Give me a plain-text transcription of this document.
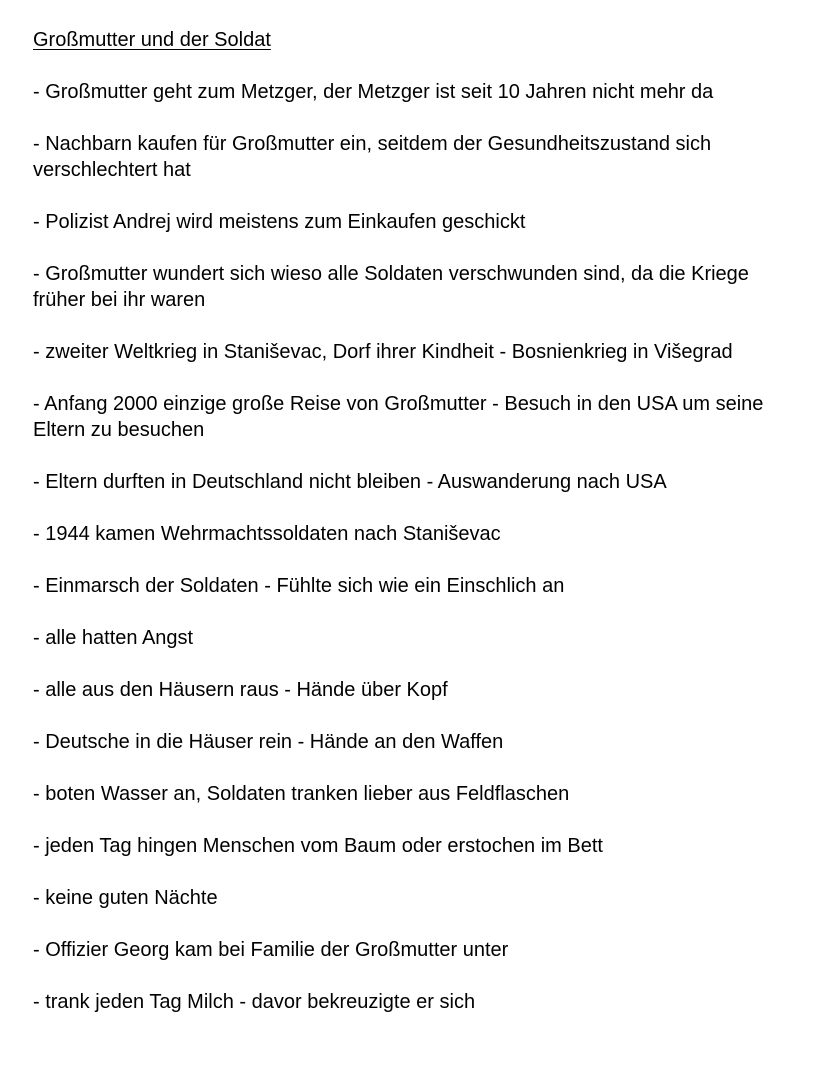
Großmutter und der Soldat
- Großmutter geht zum Metzger, der Metzger ist seit 10 Jahren nicht mehr da
- Nachbarn kaufen für Großmutter ein, seitdem der Gesundheitszustand sich verschlechtert hat
- Polizist Andrej wird meistens zum Einkaufen geschickt
- Großmutter wundert sich wieso alle Soldaten verschwunden sind, da die Kriege früher bei ihr waren
- zweiter Weltkrieg in Staniševac, Dorf ihrer Kindheit - Bosnienkrieg in Višegrad
- Anfang 2000 einzige große Reise von Großmutter - Besuch in den USA um seine Eltern zu besuchen
- Eltern durften in Deutschland nicht bleiben - Auswanderung nach USA
- 1944 kamen Wehrmachtssoldaten nach Staniševac
- Einmarsch der Soldaten - Fühlte sich wie ein Einschlich an
- alle hatten Angst
- alle aus den Häusern raus - Hände über Kopf
- Deutsche in die Häuser rein - Hände an den Waffen
- boten Wasser an, Soldaten tranken lieber aus Feldflaschen
- jeden Tag hingen Menschen vom Baum oder erstochen im Bett
- keine guten Nächte
- Offizier Georg kam bei Familie der Großmutter unter
- trank jeden Tag Milch - davor bekreuzigte er sich
